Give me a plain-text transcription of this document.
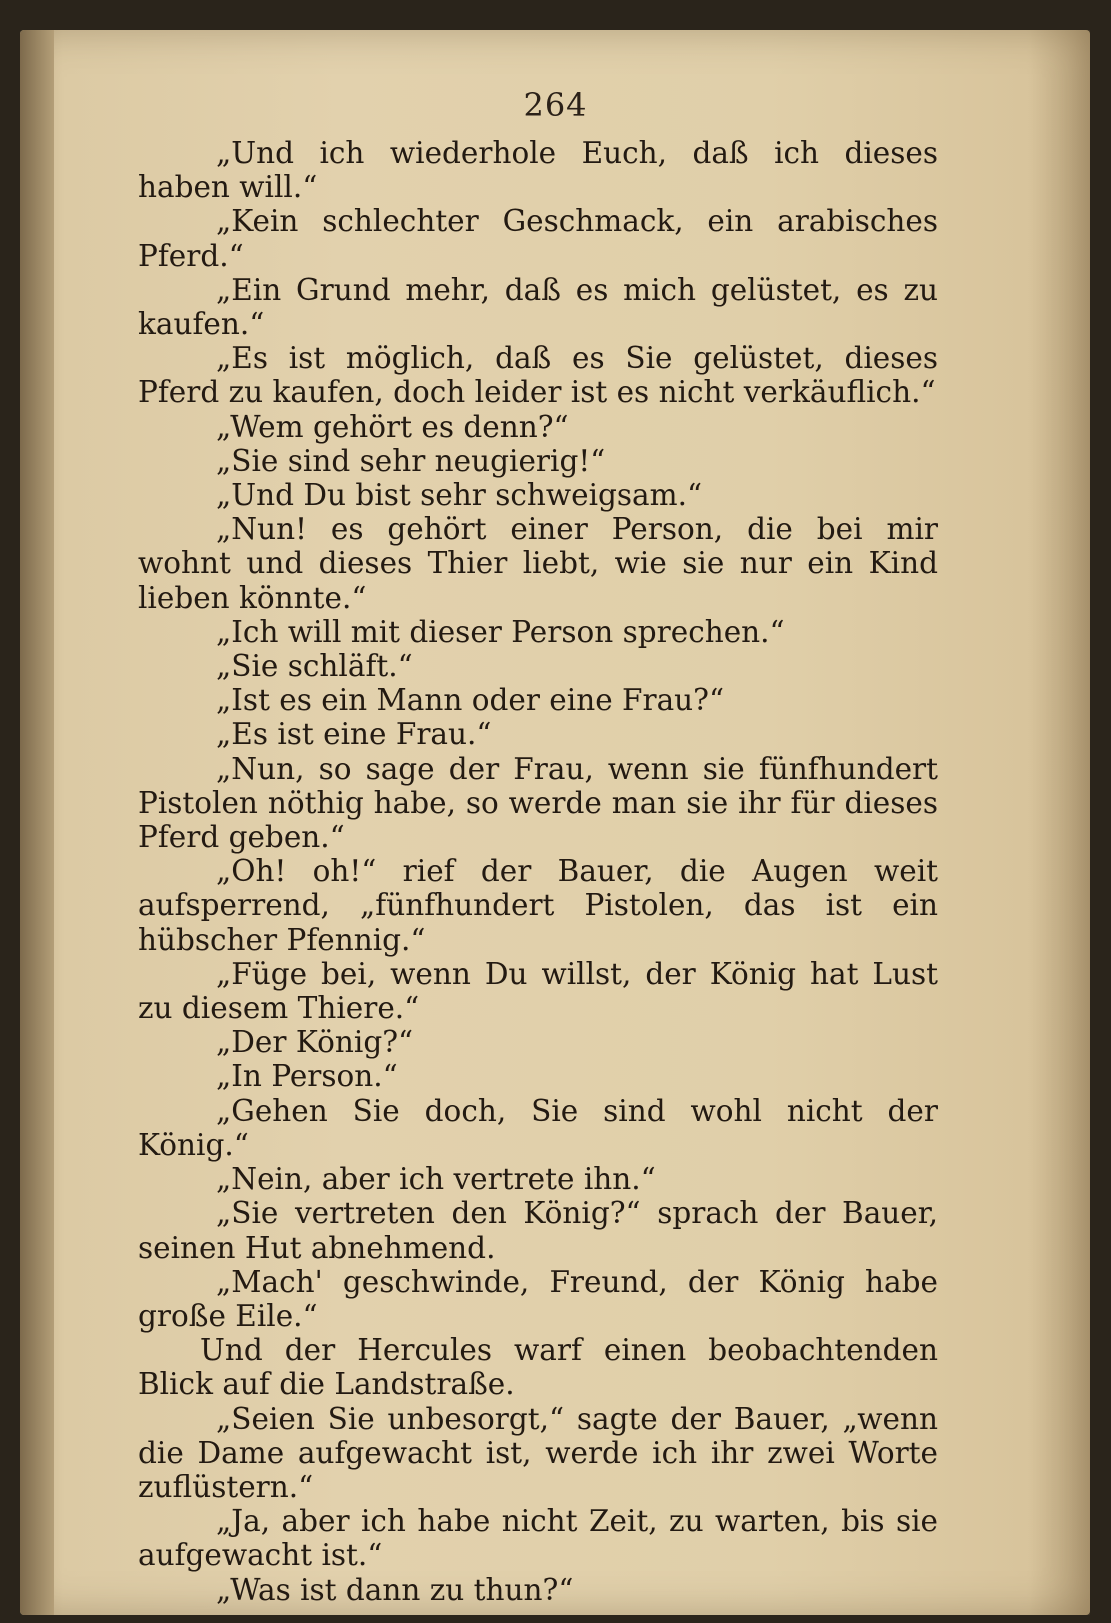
264

„Und ich wiederhole Euch, daß ich dieses haben will.“

„Kein schlechter Geschmack, ein arabisches Pferd.“

„Ein Grund mehr, daß es mich gelüstet, es zu kaufen.“

„Es ist möglich, daß es Sie gelüstet, dieses Pferd zu kaufen, doch leider ist es nicht verkäuflich.“

„Wem gehört es denn?“

„Sie sind sehr neugierig!“

„Und Du bist sehr schweigsam.“

„Nun! es gehört einer Person, die bei mir wohnt und dieses Thier liebt, wie sie nur ein Kind lieben könnte.“

„Ich will mit dieser Person sprechen.“

„Sie schläft.“

„Ist es ein Mann oder eine Frau?“

„Es ist eine Frau.“

„Nun, so sage der Frau, wenn sie fünfhundert Pistolen nöthig habe, so werde man sie ihr für dieses Pferd geben.“

„Oh! oh!“ rief der Bauer, die Augen weit aufsperrend, „fünfhundert Pistolen, das ist ein hübscher Pfennig.“

„Füge bei, wenn Du willst, der König hat Lust zu diesem Thiere.“

„Der König?“

„In Person.“

„Gehen Sie doch, Sie sind wohl nicht der König.“

„Nein, aber ich vertrete ihn.“

„Sie vertreten den König?“ sprach der Bauer, seinen Hut abnehmend.

„Mach' geschwinde, Freund, der König habe große Eile.“

Und der Hercules warf einen beobachtenden Blick auf die Landstraße.

„Seien Sie unbesorgt,“ sagte der Bauer, „wenn die Dame aufgewacht ist, werde ich ihr zwei Worte zuflüstern.“

„Ja, aber ich habe nicht Zeit, zu warten, bis sie aufgewacht ist.“

„Was ist dann zu thun?“
